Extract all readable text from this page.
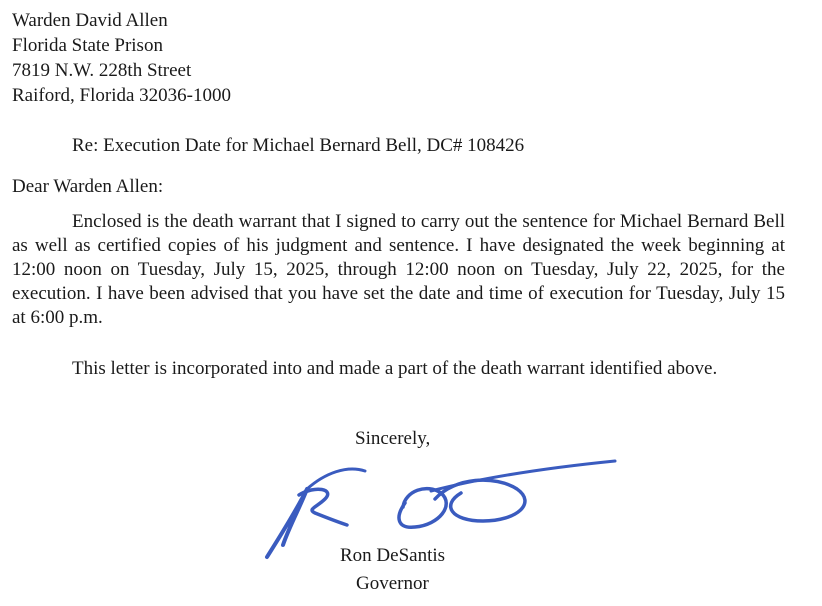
Warden David Allen
Florida State Prison
7819 N.W. 228th Street
Raiford, Florida 32036-1000
Re: Execution Date for Michael Bernard Bell, DC# 108426
Dear Warden Allen:
Enclosed is the death warrant that I signed to carry out the sentence for Michael Bernard Bell as well as certified copies of his judgment and sentence. I have designated the week beginning at 12:00 noon on Tuesday, July 15, 2025, through 12:00 noon on Tuesday, July 22, 2025, for the execution. I have been advised that you have set the date and time of execution for Tuesday, July 15 at 6:00 p.m.
This letter is incorporated into and made a part of the death warrant identified above.
Sincerely,
Ron DeSantis
Governor
